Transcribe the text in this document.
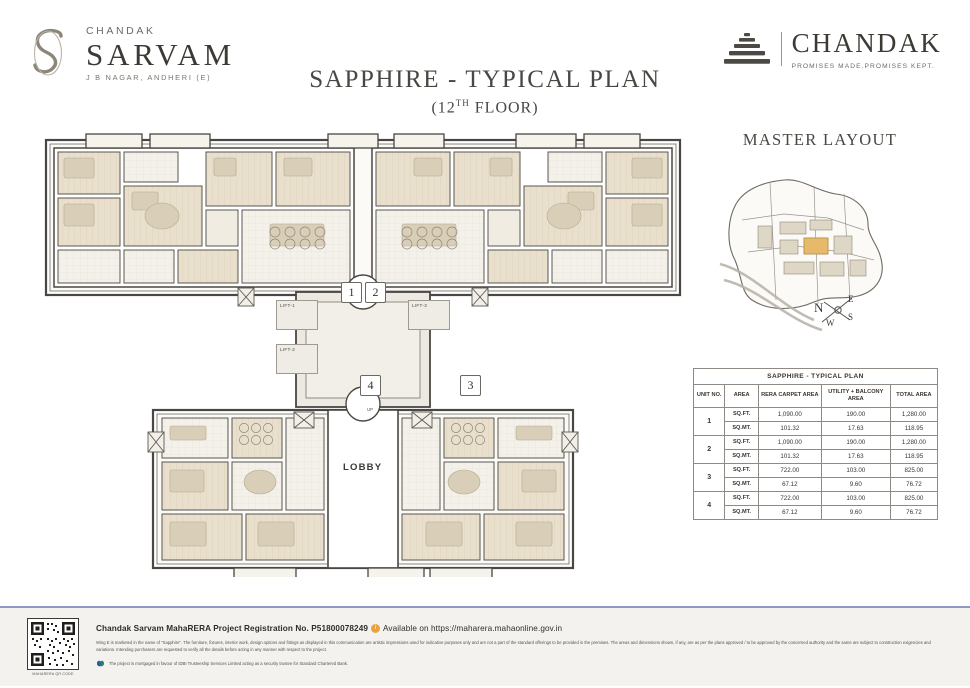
CHANDAK
SARVAM
J B NAGAR, ANDHERI (E)	SAPPHIRE - TYPICAL PLAN
(12TH FLOOR)
CHANDAK
PROMISES MADE.PROMISES KEPT.
LOBBY
LIFT-1
LIFT-2
LIFT-3
1	2
3
4
UP
MASTER LAYOUT
N
E
S
W
SAPPHIRE - TYPICAL PLAN				
UNIT NO.	AREA	RERA CARPET AREA	UTILITY + BALCONY AREA	TOTAL AREA
1	SQ.FT.	1,090.00	190.00	1,280.00
	SQ.MT.	101.32	17.63	118.95
2	SQ.FT.	1,090.00	190.00	1,280.00
	SQ.MT.	101.32	17.63	118.95
3	SQ.FT.	722.00	103.00	825.00
	SQ.MT.	67.12	9.60	76.72
4	SQ.FT.	722.00	103.00	825.00
	SQ.MT.	67.12	9.60	76.72
MAHARERA QR CODE
Chandak Sarvam MahaRERA Project Registration No. P51800078249 i Available on https://maharera.mahaonline.gov.in
Wing E is marketed in the name of "Sapphire". The furniture, fixtures, interior work, design options and fittings as displayed in this communication are artistic impressions used for indicative purposes only and are not a part of the standard offerings to be provided in the premises. The areas and dimensions shown, if any, are as per the plans approved / to be approved by the concerned authority and the same are subject to construction exigencies and variations. Intending purchasers are requested to verify all the details before acting in any manner with respect to the project.
The project is mortgaged in favour of IDBI Trusteeship Services Limited acting as a security trustee for Standard Chartered Bank.
